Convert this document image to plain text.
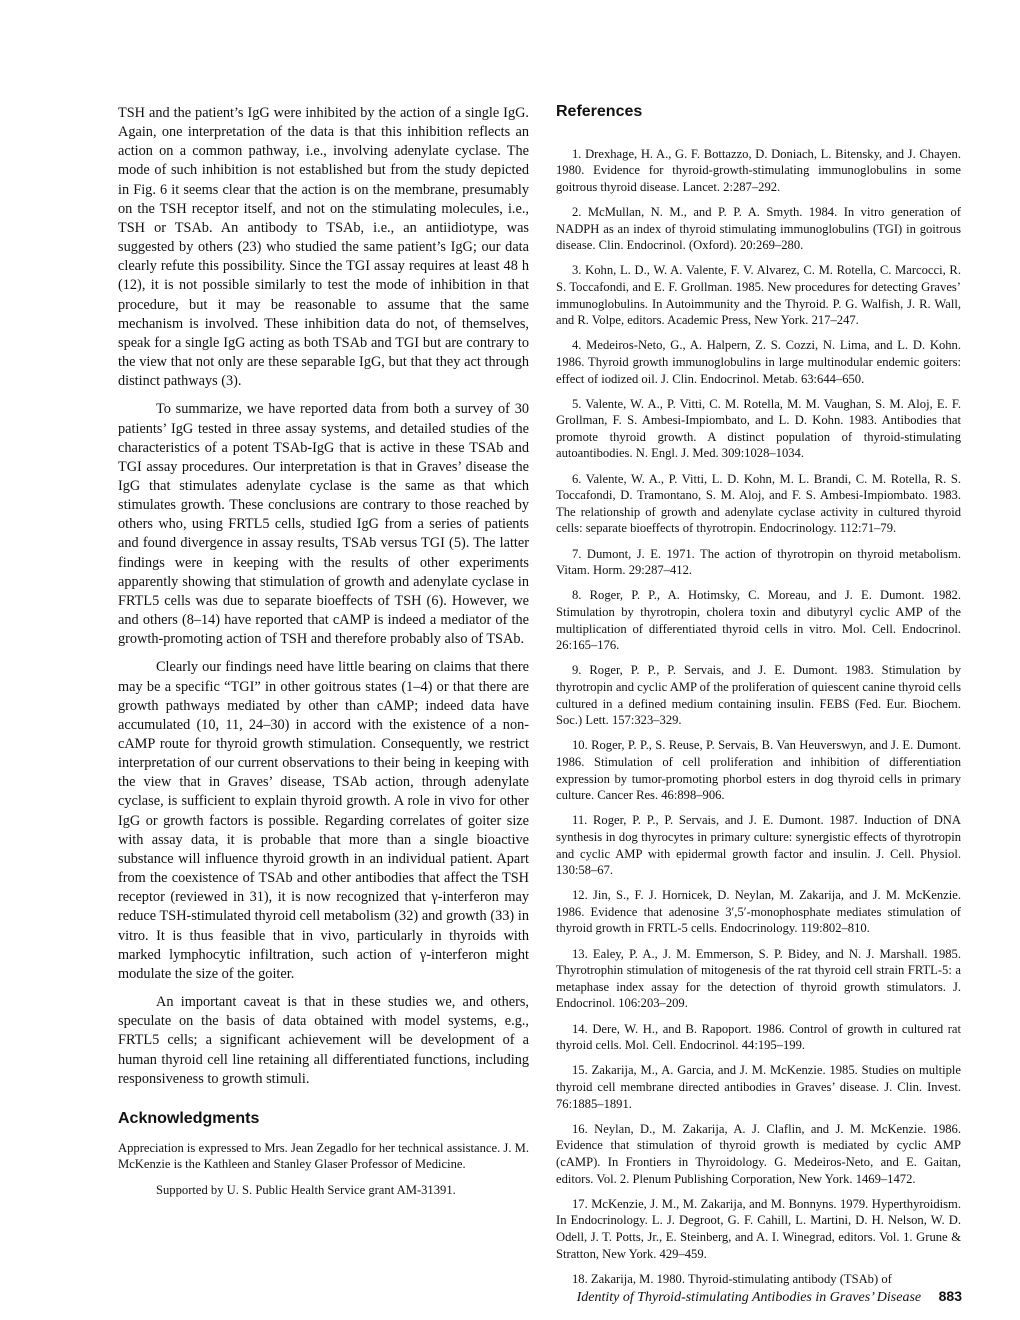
TSH and the patient’s IgG were inhibited by the action of a single IgG. Again, one interpretation of the data is that this inhibition reflects an action on a common pathway, i.e., involving adenylate cyclase. The mode of such inhibition is not established but from the study depicted in Fig. 6 it seems clear that the action is on the membrane, presumably on the TSH receptor itself, and not on the stimulating molecules, i.e., TSH or TSAb. An antibody to TSAb, i.e., an antiidiotype, was suggested by others (23) who studied the same patient’s IgG; our data clearly refute this possibility. Since the TGI assay requires at least 48 h (12), it is not possible similarly to test the mode of inhibition in that procedure, but it may be reasonable to assume that the same mechanism is involved. These inhibition data do not, of themselves, speak for a single IgG acting as both TSAb and TGI but are contrary to the view that not only are these separable IgG, but that they act through distinct pathways (3).

To summarize, we have reported data from both a survey of 30 patients’ IgG tested in three assay systems, and detailed studies of the characteristics of a potent TSAb-IgG that is active in these TSAb and TGI assay procedures. Our interpretation is that in Graves’ disease the IgG that stimulates adenylate cyclase is the same as that which stimulates growth. These conclusions are contrary to those reached by others who, using FRTL5 cells, studied IgG from a series of patients and found divergence in assay results, TSAb versus TGI (5). The latter findings were in keeping with the results of other experiments apparently showing that stimulation of growth and adenylate cyclase in FRTL5 cells was due to separate bioeffects of TSH (6). However, we and others (8–14) have reported that cAMP is indeed a mediator of the growth-promoting action of TSH and therefore probably also of TSAb.

Clearly our findings need have little bearing on claims that there may be a specific “TGI” in other goitrous states (1–4) or that there are growth pathways mediated by other than cAMP; indeed data have accumulated (10, 11, 24–30) in accord with the existence of a non-cAMP route for thyroid growth stimulation. Consequently, we restrict interpretation of our current observations to their being in keeping with the view that in Graves’ disease, TSAb action, through adenylate cyclase, is sufficient to explain thyroid growth. A role in vivo for other IgG or growth factors is possible. Regarding correlates of goiter size with assay data, it is probable that more than a single bioactive substance will influence thyroid growth in an individual patient. Apart from the coexistence of TSAb and other antibodies that affect the TSH receptor (reviewed in 31), it is now recognized that γ-interferon may reduce TSH-stimulated thyroid cell metabolism (32) and growth (33) in vitro. It is thus feasible that in vivo, particularly in thyroids with marked lymphocytic infiltration, such action of γ-interferon might modulate the size of the goiter.

An important caveat is that in these studies we, and others, speculate on the basis of data obtained with model systems, e.g., FRTL5 cells; a significant achievement will be development of a human thyroid cell line retaining all differentiated functions, including responsiveness to growth stimuli.

Acknowledgments

Appreciation is expressed to Mrs. Jean Zegadlo for her technical assistance. J. M. McKenzie is the Kathleen and Stanley Glaser Professor of Medicine.

Supported by U. S. Public Health Service grant AM-31391.

References

1. Drexhage, H. A., G. F. Bottazzo, D. Doniach, L. Bitensky, and J. Chayen. 1980. Evidence for thyroid-growth-stimulating immunoglobulins in some goitrous thyroid disease. Lancet. 2:287–292.

2. McMullan, N. M., and P. P. A. Smyth. 1984. In vitro generation of NADPH as an index of thyroid stimulating immunoglobulins (TGI) in goitrous disease. Clin. Endocrinol. (Oxford). 20:269–280.

3. Kohn, L. D., W. A. Valente, F. V. Alvarez, C. M. Rotella, C. Marcocci, R. S. Toccafondi, and E. F. Grollman. 1985. New procedures for detecting Graves’ immunoglobulins. In Autoimmunity and the Thyroid. P. G. Walfish, J. R. Wall, and R. Volpe, editors. Academic Press, New York. 217–247.

4. Medeiros-Neto, G., A. Halpern, Z. S. Cozzi, N. Lima, and L. D. Kohn. 1986. Thyroid growth immunoglobulins in large multinodular endemic goiters: effect of iodized oil. J. Clin. Endocrinol. Metab. 63:644–650.

5. Valente, W. A., P. Vitti, C. M. Rotella, M. M. Vaughan, S. M. Aloj, E. F. Grollman, F. S. Ambesi-Impiombato, and L. D. Kohn. 1983. Antibodies that promote thyroid growth. A distinct population of thyroid-stimulating autoantibodies. N. Engl. J. Med. 309:1028–1034.

6. Valente, W. A., P. Vitti, L. D. Kohn, M. L. Brandi, C. M. Rotella, R. S. Toccafondi, D. Tramontano, S. M. Aloj, and F. S. Ambesi-Impiombato. 1983. The relationship of growth and adenylate cyclase activity in cultured thyroid cells: separate bioeffects of thyrotropin. Endocrinology. 112:71–79.

7. Dumont, J. E. 1971. The action of thyrotropin on thyroid metabolism. Vitam. Horm. 29:287–412.

8. Roger, P. P., A. Hotimsky, C. Moreau, and J. E. Dumont. 1982. Stimulation by thyrotropin, cholera toxin and dibutyryl cyclic AMP of the multiplication of differentiated thyroid cells in vitro. Mol. Cell. Endocrinol. 26:165–176.

9. Roger, P. P., P. Servais, and J. E. Dumont. 1983. Stimulation by thyrotropin and cyclic AMP of the proliferation of quiescent canine thyroid cells cultured in a defined medium containing insulin. FEBS (Fed. Eur. Biochem. Soc.) Lett. 157:323–329.

10. Roger, P. P., S. Reuse, P. Servais, B. Van Heuverswyn, and J. E. Dumont. 1986. Stimulation of cell proliferation and inhibition of differentiation expression by tumor-promoting phorbol esters in dog thyroid cells in primary culture. Cancer Res. 46:898–906.

11. Roger, P. P., P. Servais, and J. E. Dumont. 1987. Induction of DNA synthesis in dog thyrocytes in primary culture: synergistic effects of thyrotropin and cyclic AMP with epidermal growth factor and insulin. J. Cell. Physiol. 130:58–67.

12. Jin, S., F. J. Hornicek, D. Neylan, M. Zakarija, and J. M. McKenzie. 1986. Evidence that adenosine 3′,5′-monophosphate mediates stimulation of thyroid growth in FRTL-5 cells. Endocrinology. 119:802–810.

13. Ealey, P. A., J. M. Emmerson, S. P. Bidey, and N. J. Marshall. 1985. Thyrotrophin stimulation of mitogenesis of the rat thyroid cell strain FRTL-5: a metaphase index assay for the detection of thyroid growth stimulators. J. Endocrinol. 106:203–209.

14. Dere, W. H., and B. Rapoport. 1986. Control of growth in cultured rat thyroid cells. Mol. Cell. Endocrinol. 44:195–199.

15. Zakarija, M., A. Garcia, and J. M. McKenzie. 1985. Studies on multiple thyroid cell membrane directed antibodies in Graves’ disease. J. Clin. Invest. 76:1885–1891.

16. Neylan, D., M. Zakarija, A. J. Claflin, and J. M. McKenzie. 1986. Evidence that stimulation of thyroid growth is mediated by cyclic AMP (cAMP). In Frontiers in Thyroidology. G. Medeiros-Neto, and E. Gaitan, editors. Vol. 2. Plenum Publishing Corporation, New York. 1469–1472.

17. McKenzie, J. M., M. Zakarija, and M. Bonnyns. 1979. Hyperthyroidism. In Endocrinology. L. J. Degroot, G. F. Cahill, L. Martini, D. H. Nelson, W. D. Odell, J. T. Potts, Jr., E. Steinberg, and A. I. Winegrad, editors. Vol. 1. Grune & Stratton, New York. 429–459.

18. Zakarija, M. 1980. Thyroid-stimulating antibody (TSAb) of

Identity of Thyroid-stimulating Antibodies in Graves’ Disease 883
